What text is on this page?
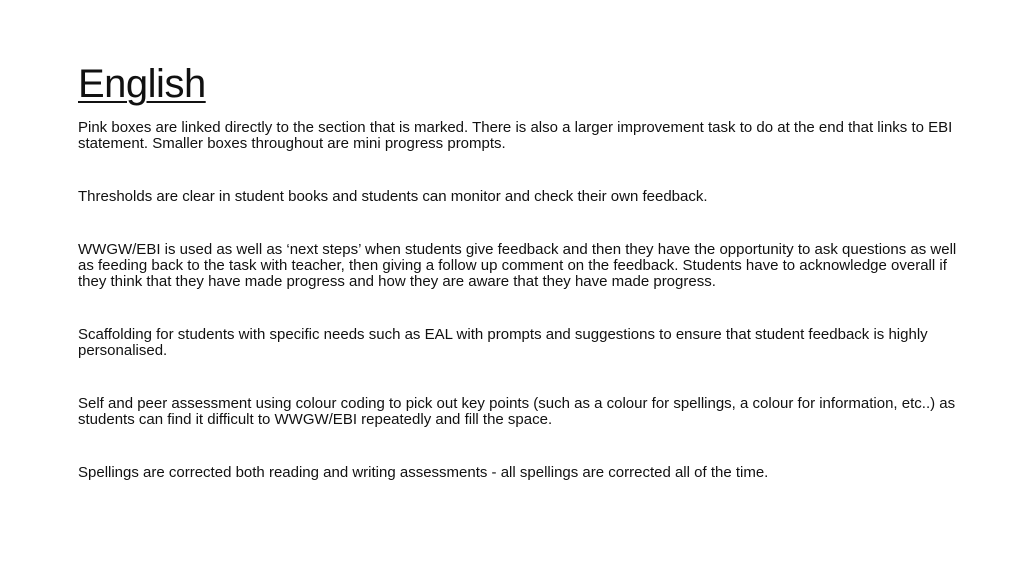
English

Pink boxes are linked directly to the section that is marked. There is also a larger improvement task to do at the end that links to EBI statement. Smaller boxes throughout are mini progress prompts.

Thresholds are clear in student books and students can monitor and check their own feedback.

WWGW/EBI is used as well as ‘next steps’ when students give feedback and then they have the opportunity to ask questions as well as feeding back to the task with teacher, then giving a follow up comment on the feedback. Students have to acknowledge overall if they think that they have made progress and how they are aware that they have made progress.

Scaffolding for students with specific needs such as EAL with prompts and suggestions to ensure that student feedback is highly personalised.

Self and peer assessment using colour coding to pick out key points (such as a colour for spellings, a colour for information, etc..) as students can find it difficult to WWGW/EBI repeatedly and fill the space.

Spellings are corrected both reading and writing assessments - all spellings are corrected all of the time.
